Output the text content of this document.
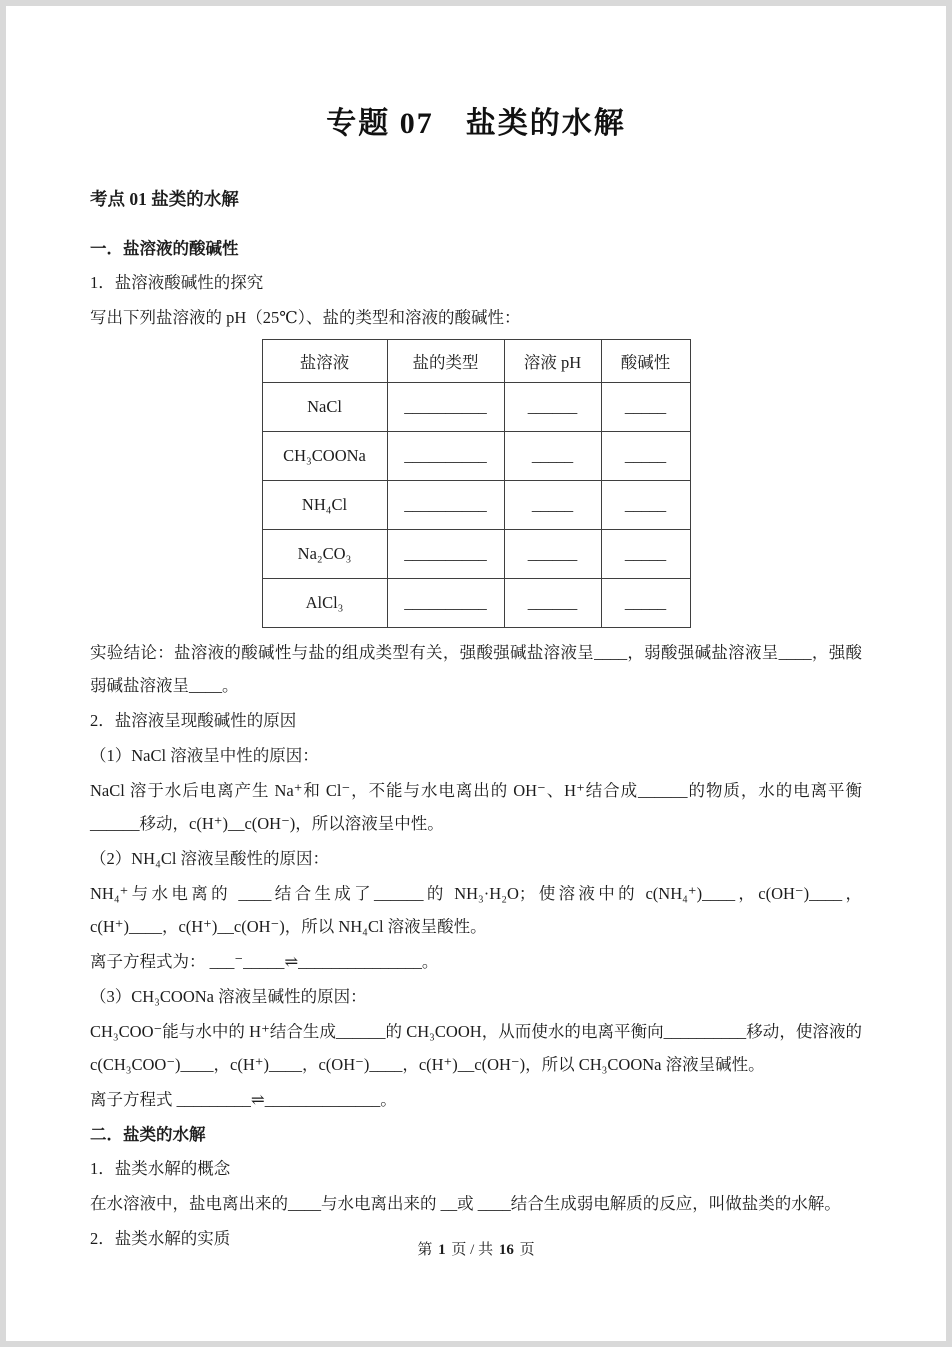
专题 07　盐类的水解
考点 01 盐类的水解
一．盐溶液的酸碱性

1．盐溶液酸碱性的探究

写出下列盐溶液的 pH（25℃）、盐的类型和溶液的酸碱性：

盐溶液	盐的类型	溶液 pH	酸碱性
NaCl	__________	______	_____
CH₃COONa	__________	_____	_____
NH₄Cl	__________	_____	_____
Na₂CO₃	__________	______	_____
AlCl₃	__________	______	_____

实验结论：盐溶液的酸碱性与盐的组成类型有关，强酸强碱盐溶液呈____，弱酸强碱盐溶液呈____，强酸弱碱盐溶液呈____。

2．盐溶液呈现酸碱性的原因

（1）NaCl 溶液呈中性的原因：

NaCl 溶于水后电离产生 Na⁺和 Cl⁻，不能与水电离出的 OH⁻、H⁺结合成______的物质，水的电离平衡______移动，c(H⁺)__c(OH⁻)，所以溶液呈中性。

（2）NH₄Cl 溶液呈酸性的原因：

NH₄⁺与水电离的 ____结合生成了______的 NH₃·H₂O；使溶液中的 c(NH₄⁺)____，c(OH⁻)____，c(H⁺)____，c(H⁺)__c(OH⁻)，所以 NH₄Cl 溶液呈酸性。

离子方程式为： ___⁻_____⇌_______________。

（3）CH₃COONa 溶液呈碱性的原因：

CH₃COO⁻能与水中的 H⁺结合生成______的 CH₃COOH，从而使水的电离平衡向__________移动，使溶液的 c(CH₃COO⁻)____，c(H⁺)____，c(OH⁻)____，c(H⁺)__c(OH⁻)，所以 CH₃COONa 溶液呈碱性。

离子方程式 _________⇌______________。

二．盐类的水解

1．盐类水解的概念

在水溶液中，盐电离出来的____与水电离出来的 __或 ____结合生成弱电解质的反应，叫做盐类的水解。

2．盐类水解的实质

第 1 页 / 共 16 页
